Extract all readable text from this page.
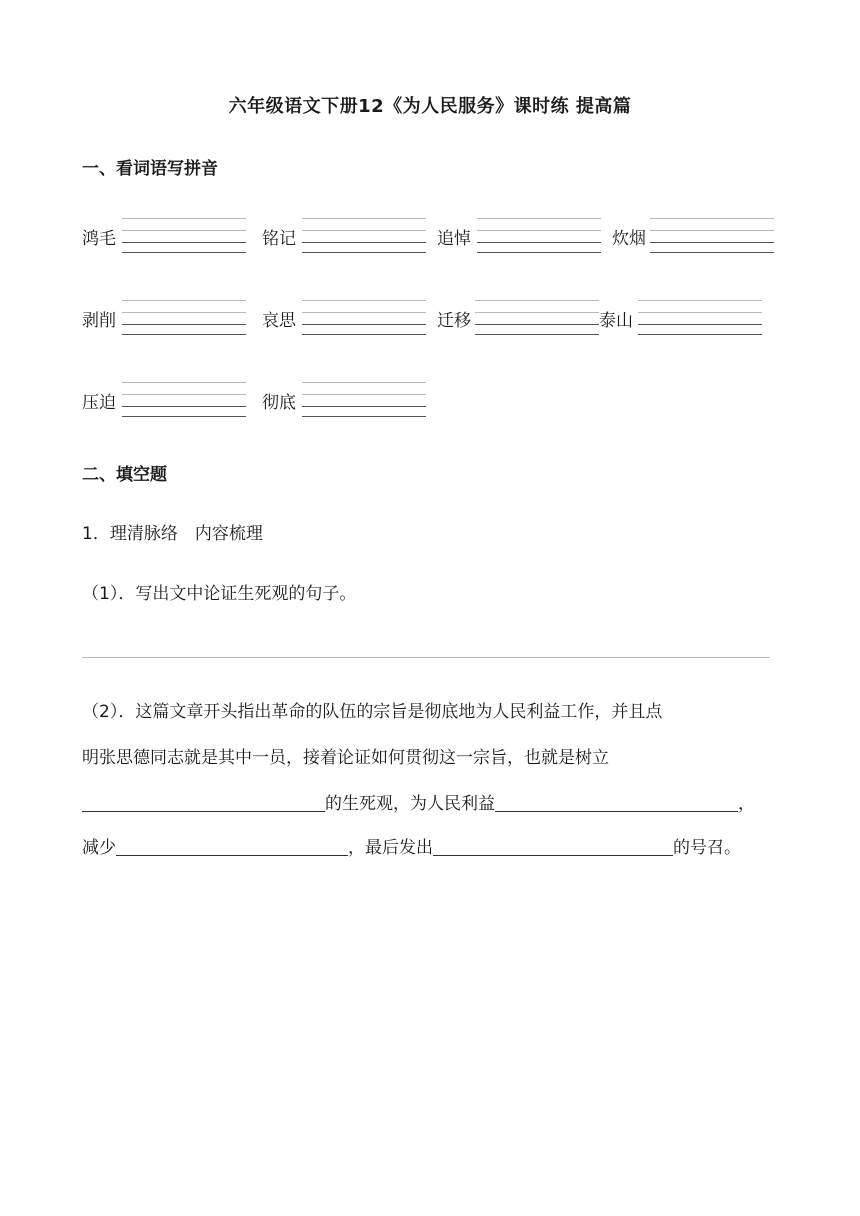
六年级语文下册12《为人民服务》课时练 提高篇
一、看词语写拼音
鸿毛	铭记	追悼	炊烟
剥削	哀思	迁移	泰山
压迫	彻底
二、填空题
1．理清脉络　内容梳理
（1）．写出文中论证生死观的句子。
（2）．这篇文章开头指出革命的队伍的宗旨是彻底地为人民利益工作，并且点
明张思德同志就是其中一员，接着论证如何贯彻这一宗旨，也就是树立
的生死观，为人民利益	，
减少	，最后发出	的号召。
